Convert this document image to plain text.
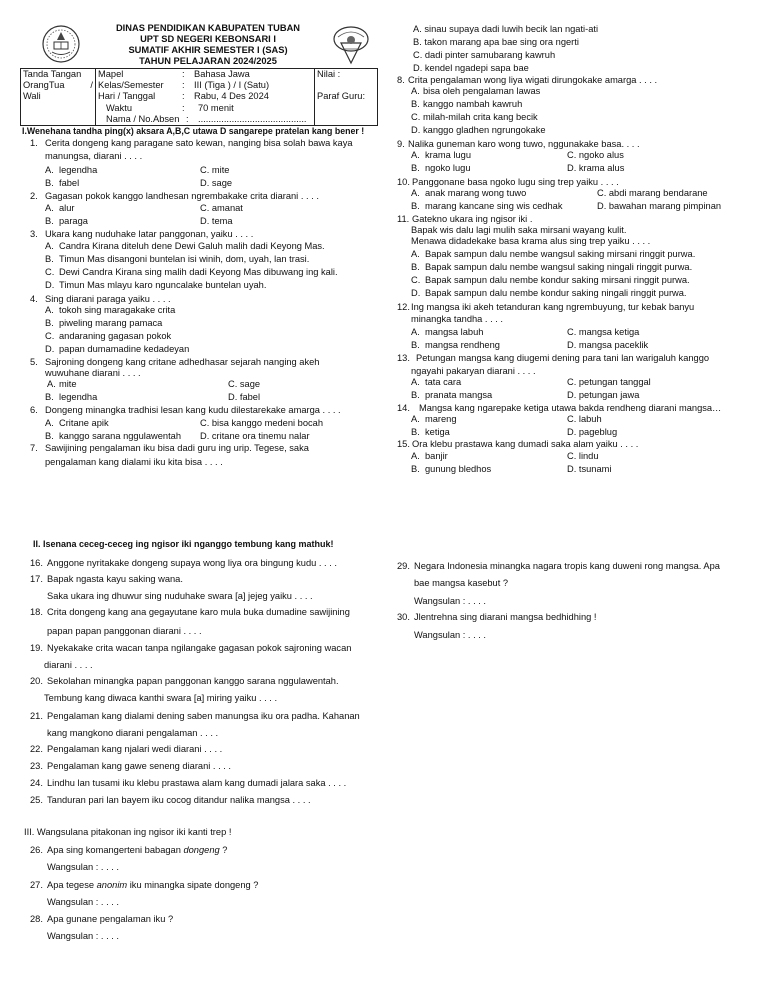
DINAS PENDIDIKAN KABUPATEN TUBAN
UPT SD NEGERI KEBONSARI I
SUMATIF AKHIR SEMESTER I (SAS)
TAHUN PELAJARAN 2024/2025
Tanda Tangan
OrangTua	/
Wali

Mapel	: Bahasa Jawa
Kelas/Semester : III (Tiga ) / I (Satu)
Hari / Tanggal	: Rabu, 4 Des 2024
Waktu	: 70 menit
Nama / No.Absen : ..........................................

Nilai :

Paraf Guru:
I.Wenehana tandha ping(x) aksara A,B,C utawa D sangarepe pratelan kang bener !
1. Cerita dongeng kang paragane sato kewan, nanging bisa solah bawa kaya
manungsa, diarani . . . .
A. legendha	C. mite
B. fabel	D. sage
2. Gagasan pokok kanggo landhesan ngrembakake crita diarani . . . .
A. alur	C. amanat
B. paraga	D. tema
3. Ukara kang nuduhake latar panggonan, yaiku . . . .
A. Candra Kirana diteluh dene Dewi Galuh malih dadi Keyong Mas.
B. Timun Mas disangoni buntelan isi winih, dom, uyah, lan trasi.
C. Dewi Candra Kirana sing malih dadi Keyong Mas dibuwang ing kali.
D. Timun Mas mlayu karo nguncalake buntelan uyah.
4. Sing diarani paraga yaiku . . . .
A. tokoh sing maragakake crita
B. piweling marang pamaca
C. andaraning gagasan pokok
D. papan dumamadine kedadeyan
5. Sajroning dongeng kang critane adhedhasar sejarah nanging akeh
wuwuhane diarani . . . .
A. mite	C. sage
B. legendha	D. fabel
6. Dongeng minangka tradhisi lesan kang kudu dilestarekake amarga . . . .
A. Critane apik	C. bisa kanggo medeni bocah
B. kanggo sarana nggulawentah D. critane ora tinemu nalar
7. Sawijining pengalaman iku bisa dadi guru ing urip. Tegese, saka
pengalaman kang dialami iku kita bisa . . . .
A. sinau supaya dadi luwih becik lan ngati-ati
B. takon marang apa bae sing ora ngerti
C. dadi pinter samubarang kawruh
D. kendel ngadepi sapa bae
8. Crita pengalaman wong liya wigati dirungokake amarga . . . .
A. bisa oleh pengalaman lawas
B. kanggo nambah kawruh
C. milah-milah crita kang becik
D. kanggo gladhen ngrungokake
9. Nalika guneman karo wong tuwo, nggunakake basa. . . .
A. krama lugu	C. ngoko alus
B. ngoko lugu	D. krama alus
10. Panggonane basa ngoko lugu sing trep yaiku . . . .
A. anak marang wong tuwo	C. abdi marang bendarane
B. marang kancane sing wis cedhak	D. bawahan marang pimpinan
11. Gatekno ukara ing ngisor iki .
Bapak wis dalu lagi mulih saka mirsani wayang kulit.
Menawa didadekake basa krama alus sing trep yaiku . . . .
A. Bapak sampun dalu nembe wangsul saking mirsani ringgit purwa.
B. Bapak sampun dalu nembe wangsul saking ningali ringgit purwa.
C. Bapak sampun dalu nembe kondur saking mirsani ringgit purwa.
D. Bapak sampun dalu nembe kondur saking ningali ringgit purwa.
12. Ing mangsa iki akeh tetanduran kang ngrembuyung, tur kebak banyu
minangka tandha . . . .
A. mangsa labuh	C. mangsa ketiga
B. mangsa rendheng	D. mangsa paceklik
13. Petungan mangsa kang diugemi dening para tani lan warigaluh kanggo
ngayahi pakaryan diarani . . . .
A. tata cara	C. petungan tanggal
B. pranata mangsa	D. petungan jawa
14. Mangsa kang ngarepake ketiga utawa bakda rendheng diarani mangsa…
A. mareng	C. labuh
B. ketiga	D. pageblug
15. Ora klebu prastawa kang dumadi saka alam yaiku . . . .
A. banjir	C. lindu
B. gunung bledhos	D. tsunami
II. Isenana ceceg-ceceg ing ngisor iki nganggo tembung kang mathuk!
16. Anggone nyritakake dongeng supaya wong liya ora bingung kudu . . . .
17. Bapak ngasta kayu saking wana.
Saka ukara ing dhuwur sing nuduhake swara [a] jejeg yaiku . . . .
18. Crita dongeng kang ana gegayutane karo mula buka dumadine sawijining
papan papan panggonan diarani . . . .
19. Nyekakake crita wacan tanpa ngilangake gagasan pokok sajroning wacan
diarani . . . .
20. Sekolahan minangka papan panggonan kanggo sarana nggulawentah.
Tembung kang diwaca kanthi swara [a] miring yaiku . . . .
21. Pengalaman kang dialami dening saben manungsa iku ora padha. Kahanan
kang mangkono diarani pengalaman . . . .
22. Pengalaman kang njalari wedi diarani . . . .
23. Pengalaman kang gawe seneng diarani . . . .
24. Lindhu lan tusami iku klebu prastawa alam kang dumadi jalara saka . . . .
25. Tanduran pari lan bayem iku cocog ditandur nalika mangsa . . . .
III. Wangsulana pitakonan ing ngisor iki kanti trep !
26. Apa sing komangerteni babagan dongeng ?
Wangsulan : . . . .
27. Apa tegese anonim iku minangka sipate dongeng ?
Wangsulan : . . . .
28. Apa gunane pengalaman iku ?
Wangsulan : . . . .
29. Negara Indonesia minangka nagara tropis kang duweni rong mangsa. Apa
bae mangsa kasebut ?
Wangsulan : . . . .
30. Jlentrehna sing diarani mangsa bedhidhing !
Wangsulan : . . . .
